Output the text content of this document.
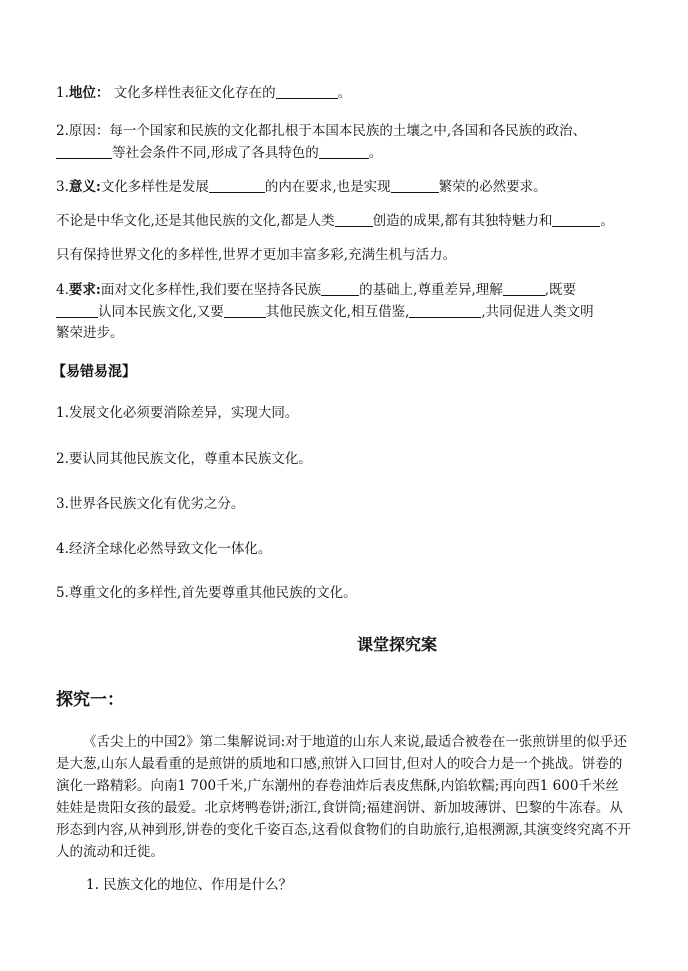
1.地位： 文化多样性表征文化存在的	。
2.原因：每一个国家和民族的文化都扎根于本国本民族的土壤之中,各国和各民族的政治、
等社会条件不同,形成了各具特色的	。
3.意义:文化多样性是发展	的内在要求,也是实现	繁荣的必然要求。
不论是中华文化,还是其他民族的文化,都是人类	创造的成果,都有其独特魅力和	。
只有保持世界文化的多样性,世界才更加丰富多彩,充满生机与活力。
4.要求:面对文化多样性,我们要在坚持各民族	的基础上,尊重差异,理解	,既要
认同本民族文化,又要	其他民族文化,相互借鉴,	,共同促进人类文明
繁荣进步。
【易错易混】
1.发展文化必须要消除差异，实现大同。
2.要认同其他民族文化，尊重本民族文化。
3.世界各民族文化有优劣之分。
4.经济全球化必然导致文化一体化。
5.尊重文化的多样性,首先要尊重其他民族的文化。
课堂探究案
探究一：
《舌尖上的中国2》第二集解说词:对于地道的山东人来说,最适合被卷在一张煎饼里的似乎还是大葱,山东人最看重的是煎饼的质地和口感,煎饼入口回甘,但对人的咬合力是一个挑战。饼卷的演化一路精彩。向南1 700千米,广东潮州的春卷油炸后表皮焦酥,内馅软糯;再向西1 600千米丝娃娃是贵阳女孩的最爱。北京烤鸭卷饼;浙江,食饼筒;福建润饼、新加坡薄饼、巴黎的牛冻春。从形态到内容,从神到形,饼卷的变化千姿百态,这看似食物们的自助旅行,追根溯源,其演变终究离不开人的流动和迁徙。
1. 民族文化的地位、作用是什么？
